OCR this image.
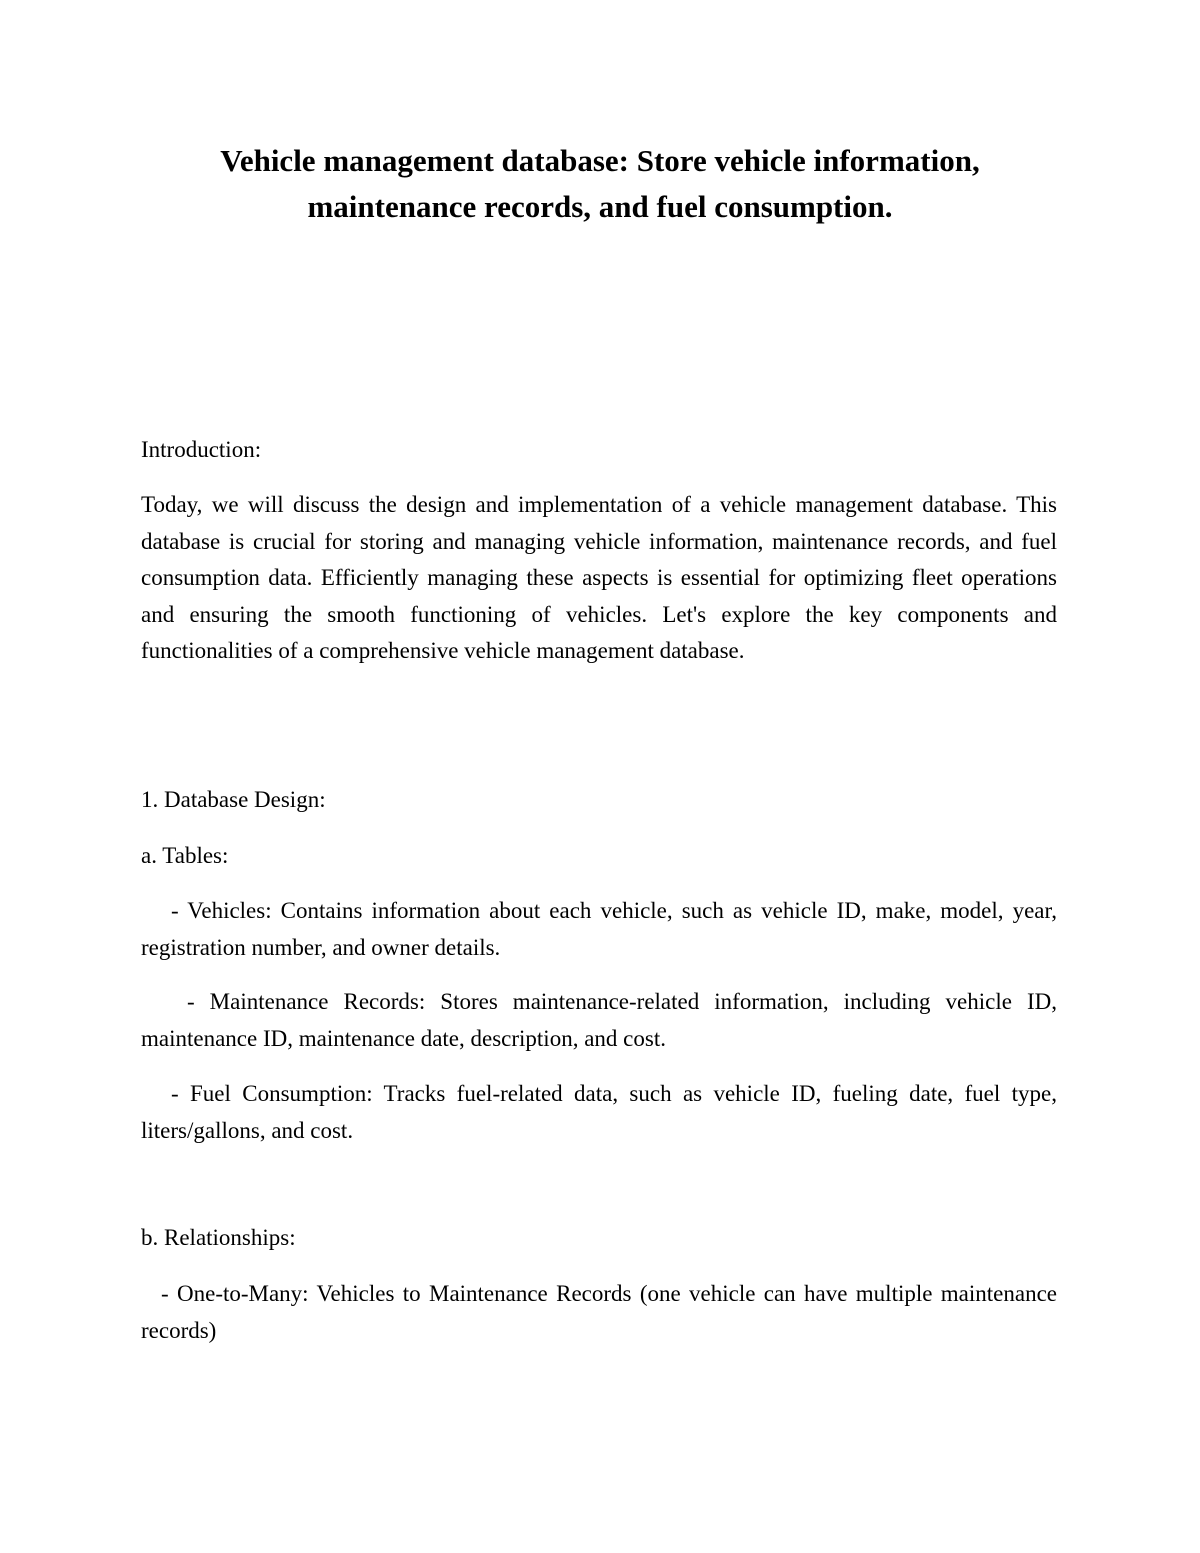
Vehicle management database: Store vehicle information, maintenance records, and fuel consumption.

Introduction:

Today, we will discuss the design and implementation of a vehicle management database. This database is crucial for storing and managing vehicle information, maintenance records, and fuel consumption data. Efficiently managing these aspects is essential for optimizing fleet operations and ensuring the smooth functioning of vehicles. Let's explore the key components and functionalities of a comprehensive vehicle management database.

1. Database Design:

a. Tables:

- Vehicles: Contains information about each vehicle, such as vehicle ID, make, model, year, registration number, and owner details.

- Maintenance Records: Stores maintenance-related information, including vehicle ID, maintenance ID, maintenance date, description, and cost.

- Fuel Consumption: Tracks fuel-related data, such as vehicle ID, fueling date, fuel type, liters/gallons, and cost.

b. Relationships:

- One-to-Many: Vehicles to Maintenance Records (one vehicle can have multiple maintenance records)
